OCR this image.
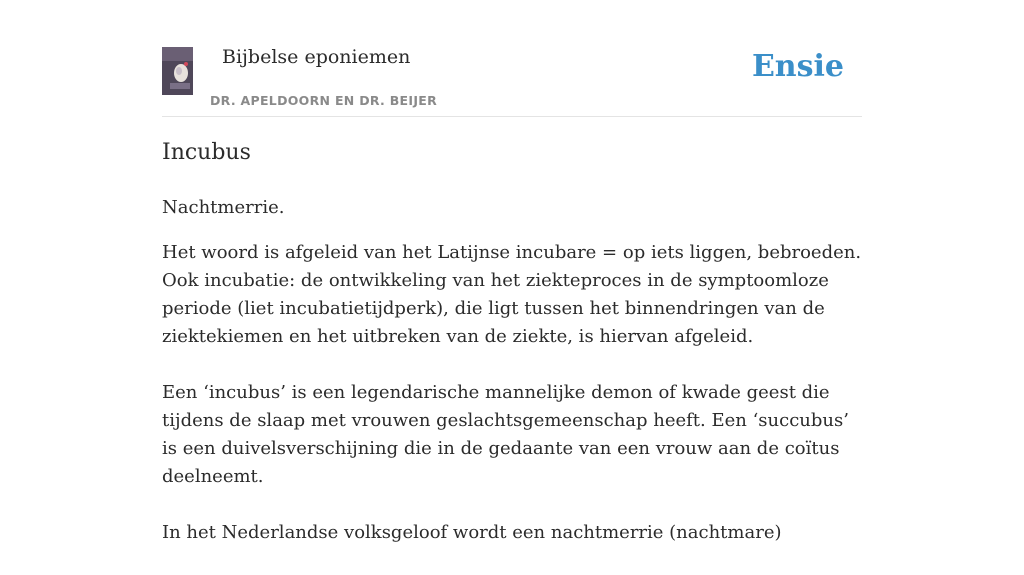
Bijbelse eponiemen
DR. APELDOORN EN DR. BEIJER
Ensie
Incubus
Nachtmerrie.

Het woord is afgeleid van het Latijnse incubare = op iets liggen, bebroeden. Ook incubatie: de ontwikkeling van het ziekteproces in de symptoomloze periode (liet incubatietijdperk), die ligt tussen het binnendringen van de ziektekiemen en het uitbreken van de ziekte, is hiervan afgeleid.

Een ‘incubus’ is een legendarische mannelijke demon of kwade geest die tijdens de slaap met vrouwen geslachtsgemeenschap heeft. Een ‘succubus’ is een duivelsverschijning die in de gedaante van een vrouw aan de coïtus deelneemt.

In het Nederlandse volksgeloof wordt een nachtmerrie (nachtmare)
